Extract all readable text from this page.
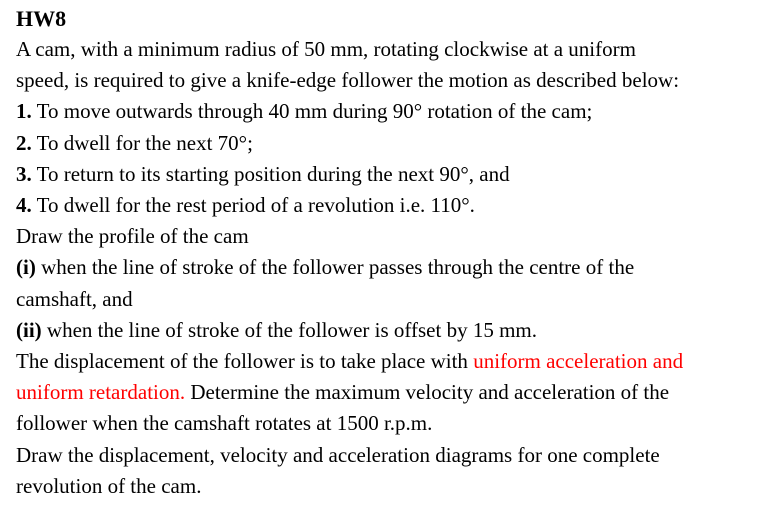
HW8
A cam, with a minimum radius of 50 mm, rotating clockwise at a uniform
speed, is required to give a knife-edge follower the motion as described below:
1. To move outwards through 40 mm during 90° rotation of the cam;
2. To dwell for the next 70°;
3. To return to its starting position during the next 90°, and
4. To dwell for the rest period of a revolution i.e. 110°.
Draw the profile of the cam
(i) when the line of stroke of the follower passes through the centre of the
camshaft, and
(ii) when the line of stroke of the follower is offset by 15 mm.
The displacement of the follower is to take place with uniform acceleration and
uniform retardation. Determine the maximum velocity and acceleration of the
follower when the camshaft rotates at 1500 r.p.m.
Draw the displacement, velocity and acceleration diagrams for one complete
revolution of the cam.
